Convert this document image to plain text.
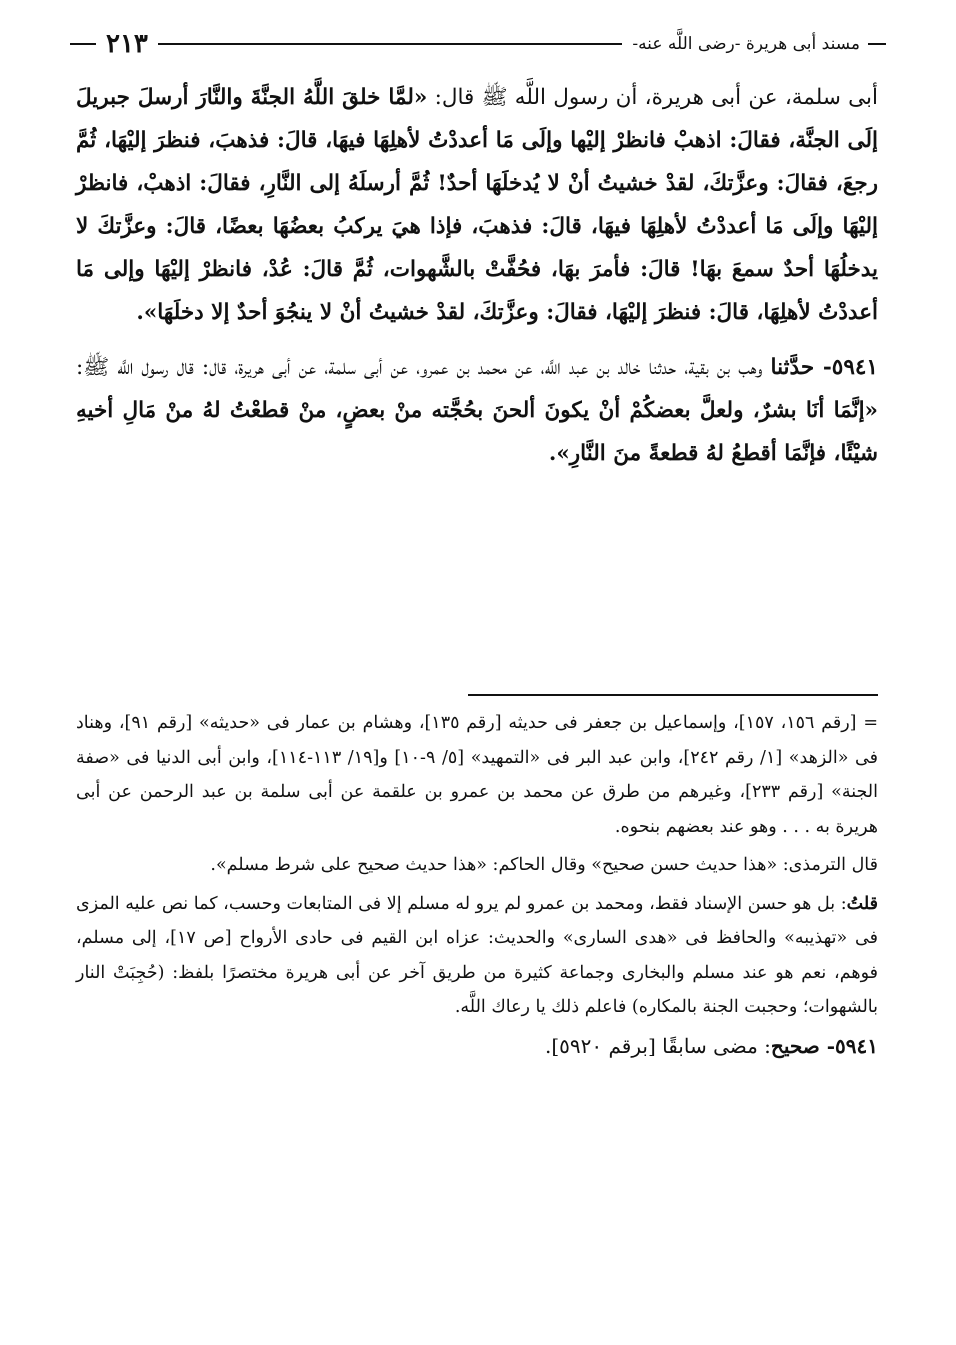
مسند أبى هريرة -رضى اللَّه عنه-
٢١٣

أبى سلمة، عن أبى هريرة، أن رسول اللَّه ﷺ قال: «لمَّا خلقَ اللَّهُ الجنَّةَ والنَّارَ أرسلَ جبريلَ إلَى الجنَّة، فقالَ: اذهبْ فانظرْ إليْها وإلَى مَا أعددْتُ لأهلِهَا فيهَا، قالَ: فذهبَ، فنظرَ إليْهَا، ثُمَّ رجعَ، فقالَ: وعزَّتكَ، لقدْ خشيتُ أنْ لا يُدخلَهَا أحدٌ! ثُمَّ أرسلَهُ إلى النَّارِ، فقالَ: اذهبْ، فانظرْ إليْهَا وإلَى مَا أعددْتُ لأهلِهَا فيهَا، قالَ: فذهبَ، فإذا هيَ يركبُ بعضُهَا بعضًا، قالَ: وعزَّتكَ لا يدخلُهَا أحدٌ سمعَ بهَا! قالَ: فأمرَ بهَا، فحُفَّتْ بالشَّهوات، ثُمَّ قالَ: عُدْ، فانظرْ إليْهَا وإلى مَا أعددْتُ لأهلِهَا، قالَ: فنظرَ إليْهَا، فقالَ: وعزَّتكَ، لقدْ خشيتُ أنْ لا ينجُوَ أحدٌ إلا دخلَهَا».

٥٩٤١- حدَّثنا وهب بن بقية، حدثنا خالد بن عبد اللَّه، عن محمد بن عمرو، عن أبى سلمة، عن أبى هريرة، قال: قال رسول اللَّه ﷺ: «إنَّمَا أنَا بشرٌ، ولعلَّ بعضكُمْ أنْ يكونَ ألحنَ بحُجَّته منْ بعضٍ، منْ قطعْتُ لهُ منْ مَالِ أخيهِ شيْئًا، فإنَّمَا أقطعُ لهُ قطعةً منَ النَّارِ».

= [رقم ١٥٦، ١٥٧]، وإسماعيل بن جعفر فى حديثه [رقم ١٣٥]، وهشام بن عمار فى «حديثه» [رقم ٩١]، وهناد فى «الزهد» [١/ رقم ٢٤٢]، وابن عبد البر فى «التمهيد» [٥/ ٩-١٠] و[١٩/ ١١٣-١١٤]، وابن أبى الدنيا فى «صفة الجنة» [رقم ٢٣٣]، وغيرهم من طرق عن محمد بن عمرو بن علقمة عن أبى سلمة بن عبد الرحمن عن أبى هريرة به . . . وهو عند بعضهم بنحوه.

قال الترمذى: «هذا حديث حسن صحيح» وقال الحاكم: «هذا حديث صحيح على شرط مسلم».

قلتُ: بل هو حسن الإسناد فقط، ومحمد بن عمرو لم يرو له مسلم إلا فى المتابعات وحسب، كما نص عليه المزى فى «تهذيبه» والحافظ فى «هدى السارى» والحديث: عزاه ابن القيم فى حادى الأرواح [ص ١٧]، إلى مسلم، فوهم، نعم هو عند مسلم والبخارى وجماعة كثيرة من طريق آخر عن أبى هريرة مختصرًا بلفظ: (حُجِبَتْ النار بالشهوات؛ وحجبت الجنة بالمكاره) فاعلم ذلك يا رعاك اللَّه.

٥٩٤١- صحيح: مضى سابقًا [برقم ٥٩٢٠].
